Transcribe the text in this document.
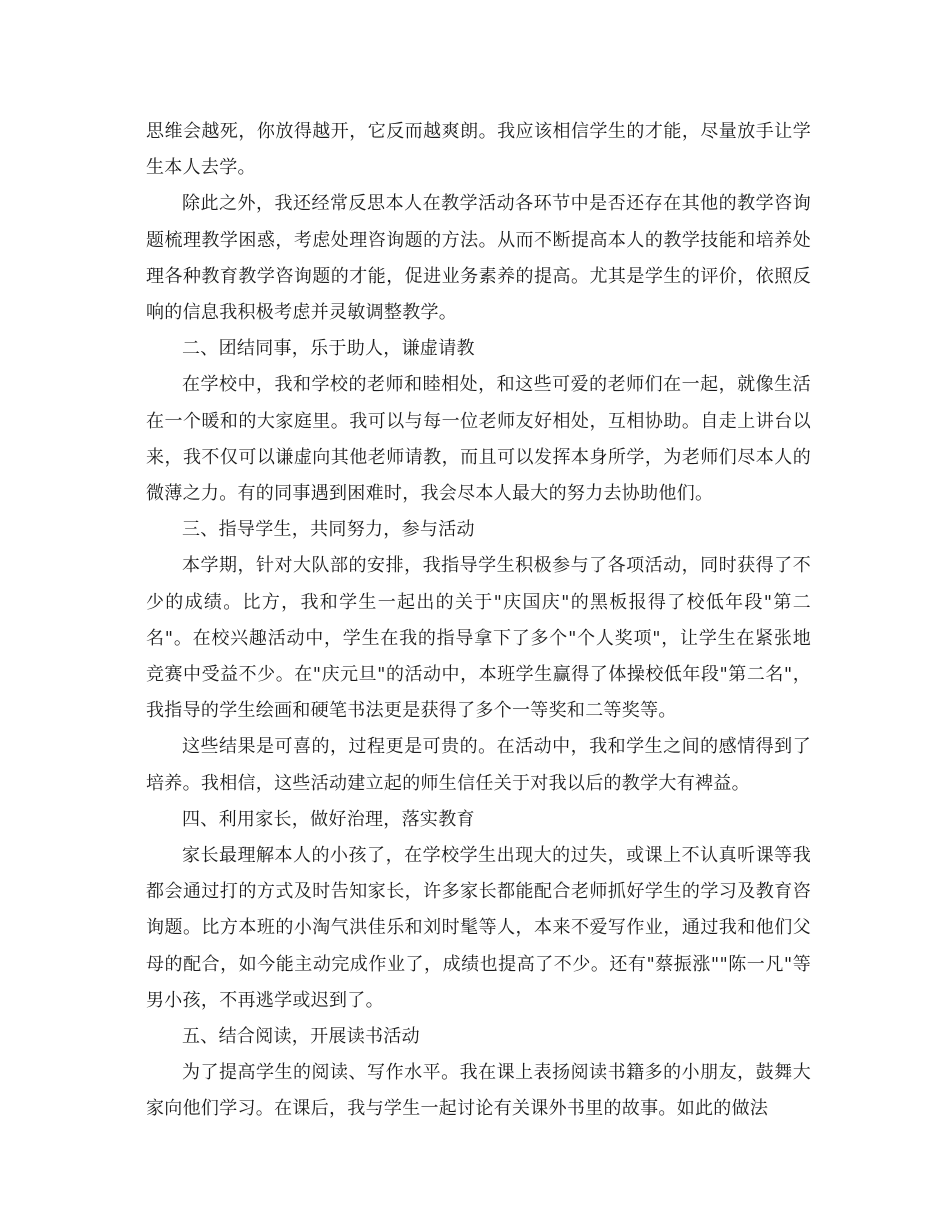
思维会越死，你放得越开，它反而越爽朗。我应该相信学生的才能，尽量放手让学生本人去学。

除此之外，我还经常反思本人在教学活动各环节中是否还存在其他的教学咨询题梳理教学困惑，考虑处理咨询题的方法。从而不断提高本人的教学技能和培养处理各种教育教学咨询题的才能，促进业务素养的提高。尤其是学生的评价，依照反响的信息我积极考虑并灵敏调整教学。

二、团结同事，乐于助人，谦虚请教

在学校中，我和学校的老师和睦相处，和这些可爱的老师们在一起，就像生活在一个暖和的大家庭里。我可以与每一位老师友好相处，互相协助。自走上讲台以来，我不仅可以谦虚向其他老师请教，而且可以发挥本身所学，为老师们尽本人的微薄之力。有的同事遇到困难时，我会尽本人最大的努力去协助他们。

三、指导学生，共同努力，参与活动

本学期，针对大队部的安排，我指导学生积极参与了各项活动，同时获得了不少的成绩。比方，我和学生一起出的关于"庆国庆"的黑板报得了校低年段"第二名"。在校兴趣活动中，学生在我的指导拿下了多个"个人奖项"，让学生在紧张地竞赛中受益不少。在"庆元旦"的活动中，本班学生赢得了体操校低年段"第二名"，我指导的学生绘画和硬笔书法更是获得了多个一等奖和二等奖等。

这些结果是可喜的，过程更是可贵的。在活动中，我和学生之间的感情得到了培养。我相信，这些活动建立起的师生信任关于对我以后的教学大有裨益。

四、利用家长，做好治理，落实教育

家长最理解本人的小孩了，在学校学生出现大的过失，或课上不认真听课等我都会通过打的方式及时告知家长，许多家长都能配合老师抓好学生的学习及教育咨询题。比方本班的小淘气洪佳乐和刘时髦等人，本来不爱写作业，通过我和他们父母的配合，如今能主动完成作业了，成绩也提高了不少。还有"蔡振涨""陈一凡"等男小孩，不再逃学或迟到了。

五、结合阅读，开展读书活动

为了提高学生的阅读、写作水平。我在课上表扬阅读书籍多的小朋友，鼓舞大家向他们学习。在课后，我与学生一起讨论有关课外书里的故事。如此的做法
